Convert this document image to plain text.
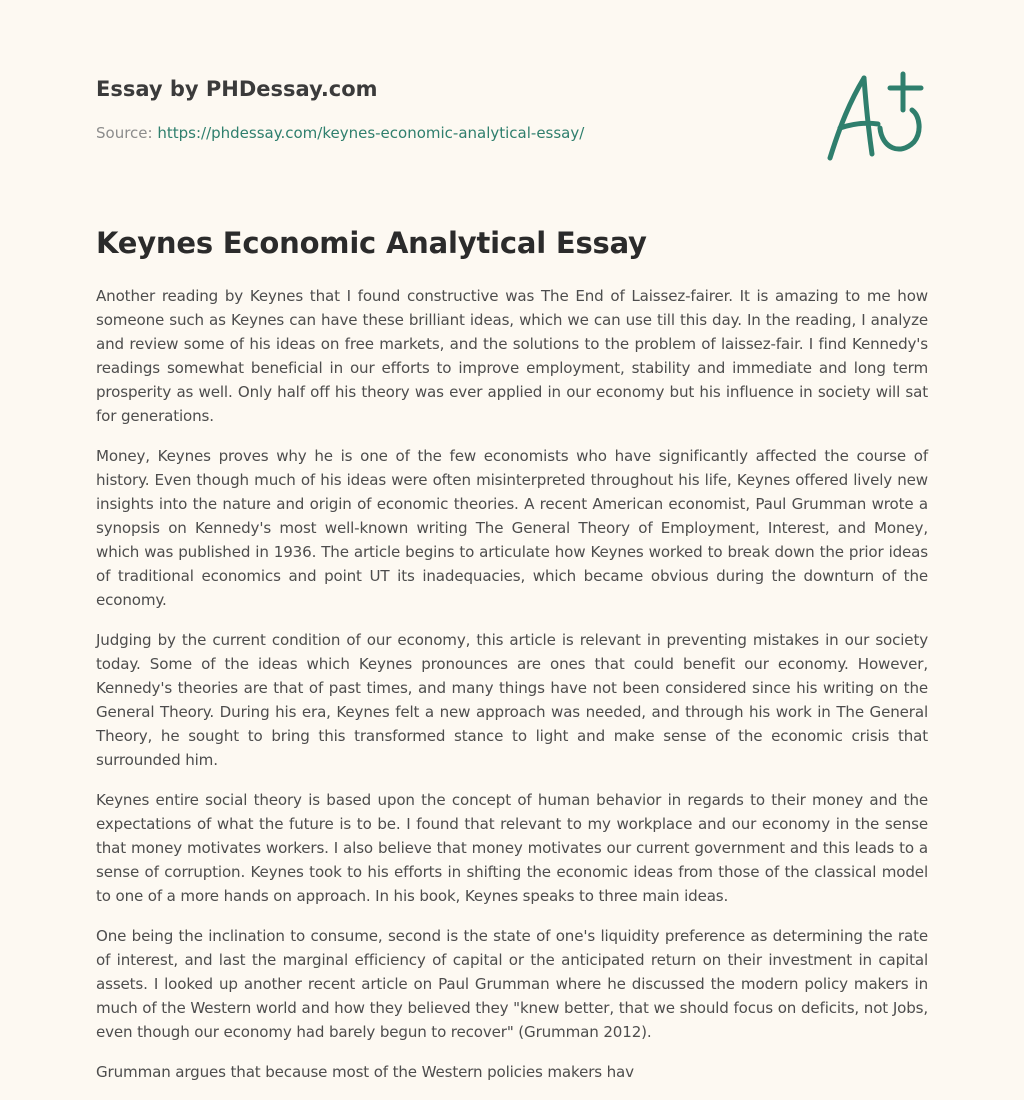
Essay by PHDessay.com
Source: https://phdessay.com/keynes-economic-analytical-essay/
Keynes Economic Analytical Essay

Another reading by Keynes that I found constructive was The End of Laissez-fairer. It is amazing to me how someone such as Keynes can have these brilliant ideas, which we can use till this day. In the reading, I analyze and review some of his ideas on free markets, and the solutions to the problem of laissez-fair. I find Kennedy's readings somewhat beneficial in our efforts to improve employment, stability and immediate and long term prosperity as well. Only half off his theory was ever applied in our economy but his influence in society will sat for generations.

Money, Keynes proves why he is one of the few economists who have significantly affected the course of history. Even though much of his ideas were often misinterpreted throughout his life, Keynes offered lively new insights into the nature and origin of economic theories. A recent American economist, Paul Grumman wrote a synopsis on Kennedy's most well-known writing The General Theory of Employment, Interest, and Money, which was published in 1936. The article begins to articulate how Keynes worked to break down the prior ideas of traditional economics and point UT its inadequacies, which became obvious during the downturn of the economy.

Judging by the current condition of our economy, this article is relevant in preventing mistakes in our society today. Some of the ideas which Keynes pronounces are ones that could benefit our economy. However, Kennedy's theories are that of past times, and many things have not been considered since his writing on the General Theory. During his era, Keynes felt a new approach was needed, and through his work in The General Theory, he sought to bring this transformed stance to light and make sense of the economic crisis that surrounded him.

Keynes entire social theory is based upon the concept of human behavior in regards to their money and the expectations of what the future is to be. I found that relevant to my workplace and our economy in the sense that money motivates workers. I also believe that money motivates our current government and this leads to a sense of corruption. Keynes took to his efforts in shifting the economic ideas from those of the classical model to one of a more hands on approach. In his book, Keynes speaks to three main ideas.

One being the inclination to consume, second is the state of one's liquidity preference as determining the rate of interest, and last the marginal efficiency of capital or the anticipated return on their investment in capital assets. I looked up another recent article on Paul Grumman where he discussed the modern policy makers in much of the Western world and how they believed they "knew better, that we should focus on deficits, not Jobs, even though our economy had barely begun to recover" (Grumman 2012).

Grumman argues that because most of the Western policies makers hav
